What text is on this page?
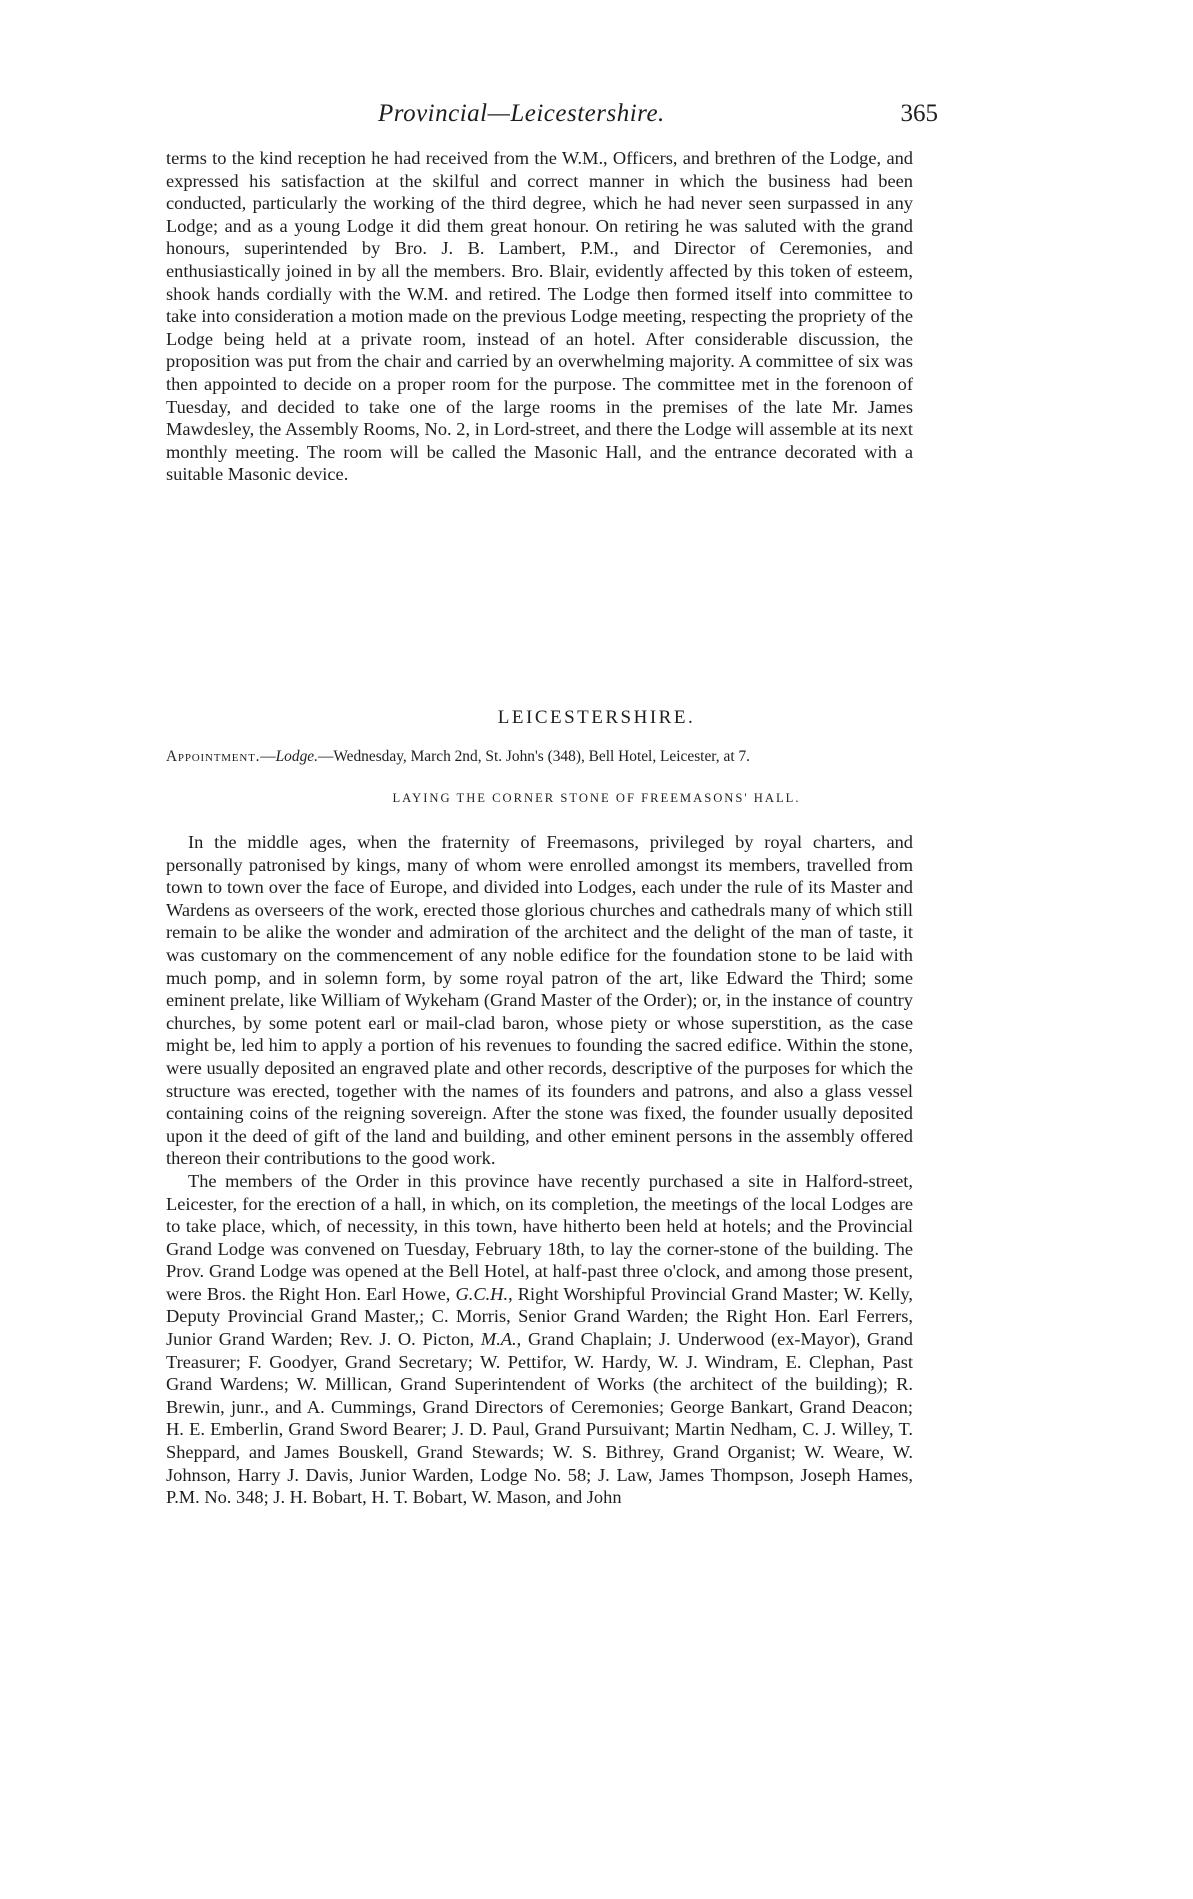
Provincial—Leicestershire.	365

terms to the kind reception he had received from the W.M., Officers, and brethren of the Lodge, and expressed his satisfaction at the skilful and correct manner in which the business had been conducted, particularly the working of the third degree, which he had never seen surpassed in any Lodge; and as a young Lodge it did them great honour. On retiring he was saluted with the grand honours, superintended by Bro. J. B. Lambert, P.M., and Director of Ceremonies, and enthusiastically joined in by all the members. Bro. Blair, evidently affected by this token of esteem, shook hands cordially with the W.M. and retired. The Lodge then formed itself into committee to take into consideration a motion made on the previous Lodge meeting, respecting the propriety of the Lodge being held at a private room, instead of an hotel. After considerable discussion, the proposition was put from the chair and carried by an overwhelming majority. A committee of six was then appointed to decide on a proper room for the purpose. The committee met in the forenoon of Tuesday, and decided to take one of the large rooms in the premises of the late Mr. James Mawdesley, the Assembly Rooms, No. 2, in Lord-street, and there the Lodge will assemble at its next monthly meeting. The room will be called the Masonic Hall, and the entrance decorated with a suitable Masonic device.

LEICESTERSHIRE.
Appointment.—Lodge.—Wednesday, March 2nd, St. John's (348), Bell Hotel, Leicester, at 7.
LAYING THE CORNER STONE OF FREEMASONS' HALL.

In the middle ages, when the fraternity of Freemasons, privileged by royal charters, and personally patronised by kings, many of whom were enrolled amongst its members, travelled from town to town over the face of Europe, and divided into Lodges, each under the rule of its Master and Wardens as overseers of the work, erected those glorious churches and cathedrals many of which still remain to be alike the wonder and admiration of the architect and the delight of the man of taste, it was customary on the commencement of any noble edifice for the foundation stone to be laid with much pomp, and in solemn form, by some royal patron of the art, like Edward the Third; some eminent prelate, like William of Wykeham (Grand Master of the Order); or, in the instance of country churches, by some potent earl or mail-clad baron, whose piety or whose superstition, as the case might be, led him to apply a portion of his revenues to founding the sacred edifice. Within the stone, were usually deposited an engraved plate and other records, descriptive of the purposes for which the structure was erected, together with the names of its founders and patrons, and also a glass vessel containing coins of the reigning sovereign. After the stone was fixed, the founder usually deposited upon it the deed of gift of the land and building, and other eminent persons in the assembly offered thereon their contributions to the good work.

The members of the Order in this province have recently purchased a site in Halford-street, Leicester, for the erection of a hall, in which, on its completion, the meetings of the local Lodges are to take place, which, of necessity, in this town, have hitherto been held at hotels; and the Provincial Grand Lodge was convened on Tuesday, February 18th, to lay the corner-stone of the building. The Prov. Grand Lodge was opened at the Bell Hotel, at half-past three o'clock, and among those present, were Bros. the Right Hon. Earl Howe, G.C.H., Right Worshipful Provincial Grand Master; W. Kelly, Deputy Provincial Grand Master,; C. Morris, Senior Grand Warden; the Right Hon. Earl Ferrers, Junior Grand Warden; Rev. J. O. Picton, M.A., Grand Chaplain; J. Underwood (ex-Mayor), Grand Treasurer; F. Goodyer, Grand Secretary; W. Pettifor, W. Hardy, W. J. Windram, E. Clephan, Past Grand Wardens; W. Millican, Grand Superintendent of Works (the architect of the building); R. Brewin, junr., and A. Cummings, Grand Directors of Ceremonies; George Bankart, Grand Deacon; H. E. Emberlin, Grand Sword Bearer; J. D. Paul, Grand Pursuivant; Martin Nedham, C. J. Willey, T. Sheppard, and James Bouskell, Grand Stewards; W. S. Bithrey, Grand Organist; W. Weare, W. Johnson, Harry J. Davis, Junior Warden, Lodge No. 58; J. Law, James Thompson, Joseph Hames, P.M. No. 348; J. H. Bobart, H. T. Bobart, W. Mason, and John
